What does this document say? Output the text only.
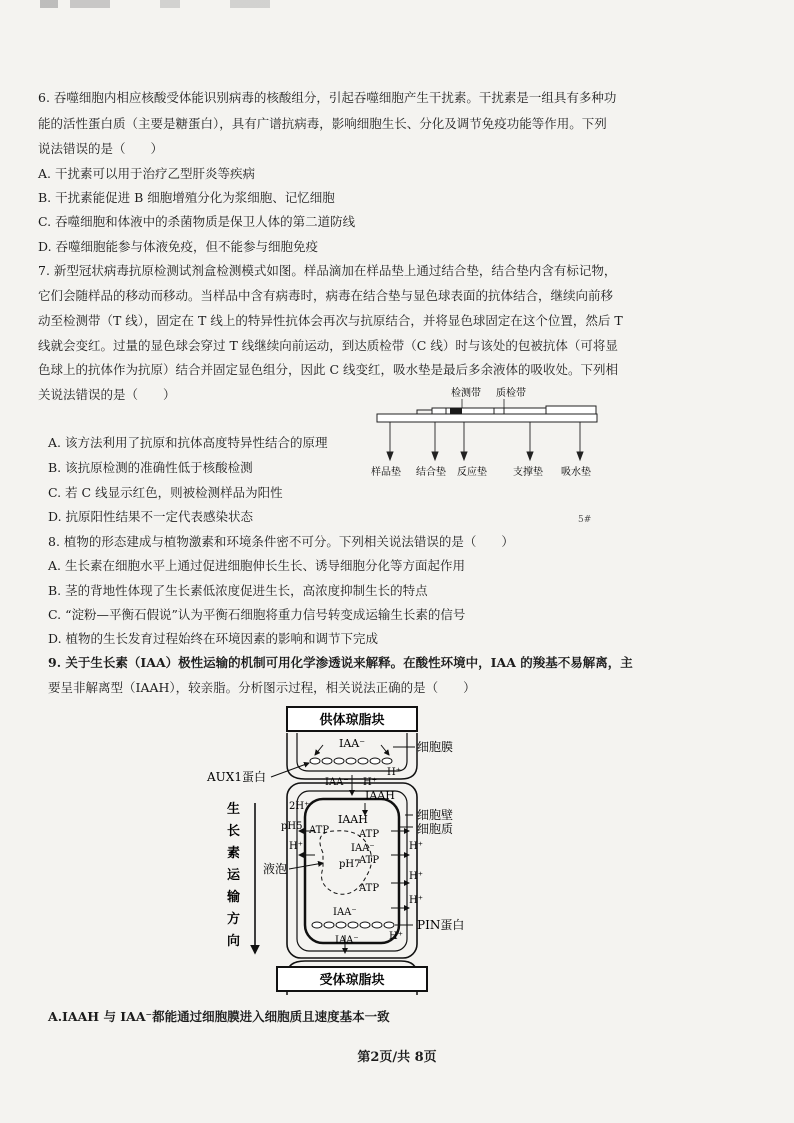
6. 吞噬细胞内相应核酸受体能识别病毒的核酸组分，引起吞噬细胞产生干扰素。干扰素是一组具有多种功
能的活性蛋白质（主要是糖蛋白），具有广谱抗病毒，影响细胞生长、分化及调节免疫功能等作用。下列
说法错误的是（　　）
A. 干扰素可以用于治疗乙型肝炎等疾病
B. 干扰素能促进 B 细胞增殖分化为浆细胞、记忆细胞
C. 吞噬细胞和体液中的杀菌物质是保卫人体的第二道防线
D. 吞噬细胞能参与体液免疫，但不能参与细胞免疫
7. 新型冠状病毒抗原检测试剂盒检测模式如图。样品滴加在样品垫上通过结合垫，结合垫内含有标记物，
它们会随样品的移动而移动。当样品中含有病毒时，病毒在结合垫与显色球表面的抗体结合，继续向前移
动至检测带（T 线），固定在 T 线上的特异性抗体会再次与抗原结合，并将显色球固定在这个位置，然后 T
线就会变红。过量的显色球会穿过 T 线继续向前运动，到达质检带（C 线）时与该处的包被抗体（可将显
色球上的抗体作为抗原）结合并固定显色组分，因此 C 线变红，吸水垫是最后多余液体的吸收处。下列相
关说法错误的是（　　）	检测带 质检带
样品垫 结合垫 反应垫	支撑垫 吸水垫
A. 该方法利用了抗原和抗体高度特异性结合的原理
B. 该抗原检测的准确性低于核酸检测
C. 若 C 线显示红色，则被检测样品为阳性
D. 抗原阳性结果不一定代表感染状态	5#
8. 植物的形态建成与植物激素和环境条件密不可分。下列相关说法错误的是（　　）
A. 生长素在细胞水平上通过促进细胞伸长生长、诱导细胞分化等方面起作用
B. 茎的背地性体现了生长素低浓度促进生长，高浓度抑制生长的特点
C. “淀粉—平衡石假说”认为平衡石细胞将重力信号转变成运输生长素的信号
D. 植物的生长发育过程始终在环境因素的影响和调节下完成
9. 关于生长素（IAA）极性运输的机制可用化学渗透说来解释。在酸性环境中，IAA 的羧基不易解离，主
要呈非解离型（IAAH），较亲脂。分析图示过程，相关说法正确的是（　　）
供体琼脂块
受体琼脂块
IAA⁻
H⁺
IAA⁻ H⁺
IAAH
2H⁺
IAAH
pH5 ATP	ATP
H⁺	IAA⁻	H⁺
pH7
ATP
H⁺
ATP
H⁺
IAA⁻
IAA⁻	H⁺
生
长
素
运
输
方
向
AUX1蛋白
液泡
细胞膜
细胞壁
细胞质
PIN蛋白
A.IAAH 与 IAA⁻都能通过细胞膜进入细胞质且速度基本一致
第2页/共 8页
